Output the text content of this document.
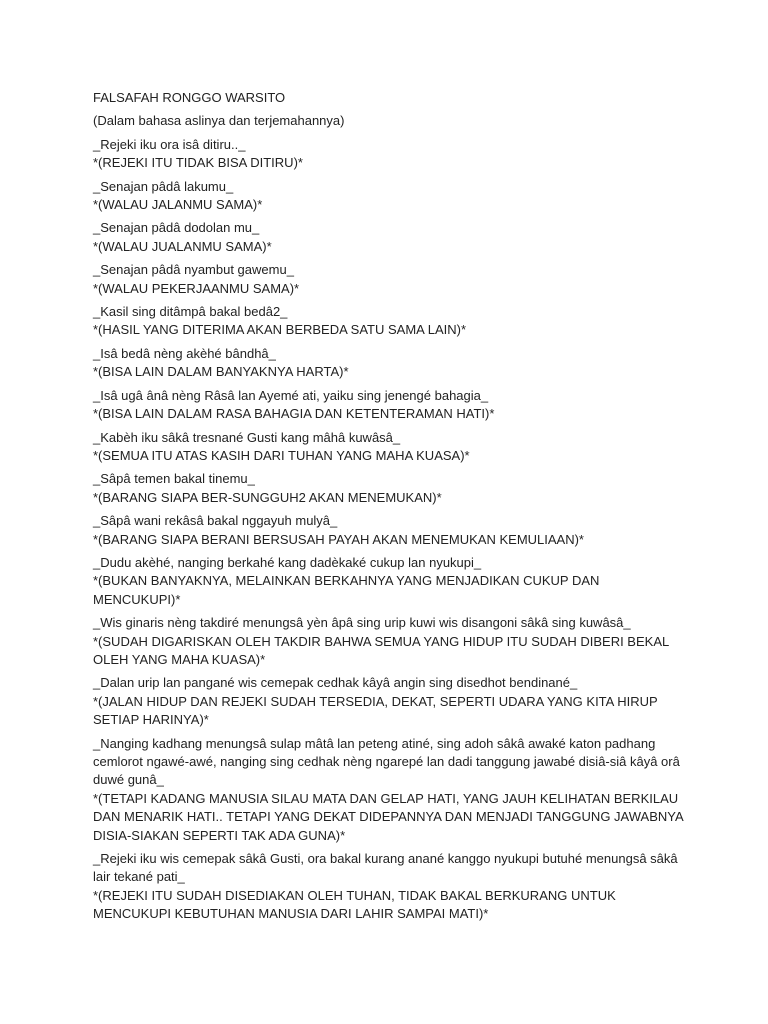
FALSAFAH RONGGO WARSITO
(Dalam bahasa aslinya dan terjemahannya)
_Rejeki iku ora isâ ditiru.._
*(REJEKI ITU TIDAK BISA DITIRU)*
_Senajan pâdâ lakumu_
*(WALAU JALANMU SAMA)*
_Senajan pâdâ dodolan mu_
*(WALAU JUALANMU SAMA)*
_Senajan pâdâ nyambut gawemu_
*(WALAU PEKERJAANMU SAMA)*
_Kasil sing ditâmpâ bakal bedâ2_
*(HASIL YANG DITERIMA AKAN BERBEDA SATU SAMA LAIN)*
_Isâ bedâ nèng akèhé bândhâ_
*(BISA LAIN DALAM BANYAKNYA HARTA)*
_Isâ ugâ ânâ nèng Râsâ lan Ayemé ati, yaiku sing jenengé bahagia_
*(BISA LAIN DALAM RASA BAHAGIA DAN KETENTERAMAN HATI)*
_Kabèh iku sâkâ tresnané Gusti kang mâhâ kuwâsâ_
*(SEMUA ITU ATAS KASIH DARI TUHAN YANG MAHA KUASA)*
_Sâpâ temen bakal tinemu_
*(BARANG SIAPA BER-SUNGGUH2 AKAN MENEMUKAN)*
_Sâpâ wani rekâsâ bakal nggayuh mulyâ_
*(BARANG SIAPA BERANI BERSUSAH PAYAH AKAN MENEMUKAN KEMULIAAN)*
_Dudu akèhé, nanging berkahé kang dadèkaké cukup lan nyukupi_
*(BUKAN BANYAKNYA, MELAINKAN BERKAHNYA YANG MENJADIKAN CUKUP DAN MENCUKUPI)*
_Wis ginaris nèng takdiré menungsâ yèn âpâ sing urip kuwi wis disangoni sâkâ sing kuwâsâ_
*(SUDAH DIGARISKAN OLEH TAKDIR BAHWA SEMUA YANG HIDUP ITU SUDAH DIBERI BEKAL OLEH YANG MAHA KUASA)*
_Dalan urip lan pangané wis cemepak cedhak kâyâ angin sing disedhot bendinané_
*(JALAN HIDUP DAN REJEKI SUDAH TERSEDIA, DEKAT, SEPERTI UDARA YANG KITA HIRUP SETIAP HARINYA)*
_Nanging kadhang menungsâ sulap mâtâ lan peteng atiné, sing adoh sâkâ awaké katon padhang cemlorot ngawé-awé, nanging sing cedhak nèng ngarepé lan dadi tanggung jawabé disiâ-siâ kâyâ orâ duwé gunâ_
*(TETAPI KADANG MANUSIA SILAU MATA DAN GELAP HATI, YANG JAUH KELIHATAN BERKILAU DAN MENARIK HATI.. TETAPI YANG DEKAT DIDEPANNYA DAN MENJADI TANGGUNG JAWABNYA DISIA-SIAKAN SEPERTI TAK ADA GUNA)*
_Rejeki iku wis cemepak sâkâ Gusti, ora bakal kurang anané kanggo nyukupi butuhé menungsâ sâkâ lair tekané pati_
*(REJEKI ITU SUDAH DISEDIAKAN OLEH TUHAN, TIDAK BAKAL BERKURANG UNTUK MENCUKUPI KEBUTUHAN MANUSIA DARI LAHIR SAMPAI MATI)*
